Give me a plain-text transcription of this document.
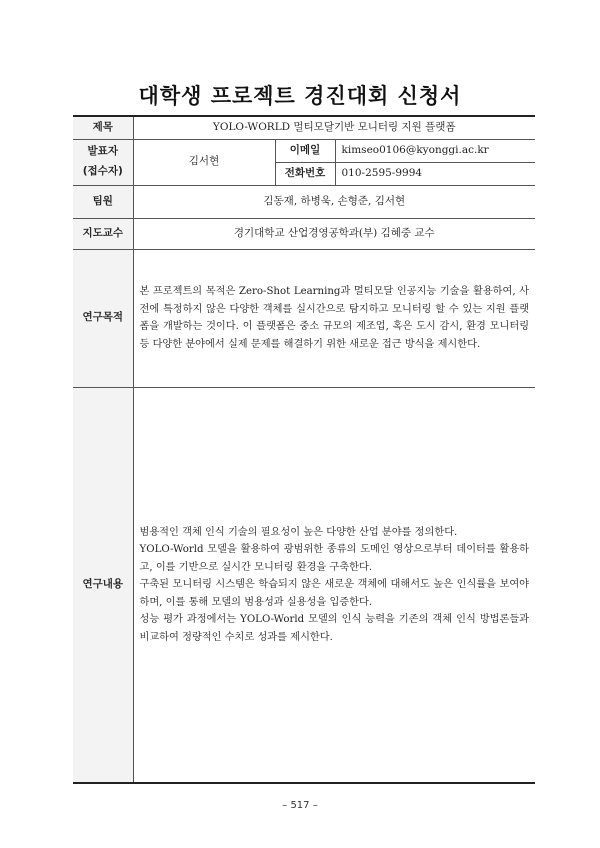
대학생 프로젝트 경진대회 신청서
제목	YOLO-WORLD 멀티모달기반 모니터링 지원 플랫폼		

발표자
(접수자)	김서현	이메일	kimseo0106@kyonggi.ac.kr
		전화번호	010-2595-9994
팀원	김동재, 하병욱, 손형준, 김서현		
지도교수	경기대학교 산업경영공학과(부) 김혜중 교수		
연구목적	본 프로젝트의 목적은 Zero-Shot Learning과 멀티모달 인공지능 기술을 활용하여, 사전에 특정하지 않은 다양한 객체를 실시간으로 탐지하고 모니터링 할 수 있는 지원 플랫폼을 개발하는 것이다. 이 플랫폼은 중소 규모의 제조업, 혹은 도시 감시, 환경 모니터링 등 다양한 분야에서 실제 문제를 해결하기 위한 새로운 접근 방식을 제시한다.		

연구내용	범용적인 객체 인식 기술의 필요성이 높은 다양한 산업 분야를 정의한다.

YOLO-World 모델을 활용하여 광범위한 종류의 도메인 영상으로부터 데이터를 활용하고, 이를 기반으로 실시간 모니터링 환경을 구축한다.

구축된 모니터링 시스템은 학습되지 않은 새로운 객체에 대해서도 높은 인식률을 보여야 하며, 이를 통해 모델의 범용성과 실용성을 입증한다.

성능 평가 과정에서는 YOLO-World 모델의 인식 능력을 기존의 객체 인식 방법론들과 비교하여 정량적인 수치로 성과를 제시한다.		

– 517 –
